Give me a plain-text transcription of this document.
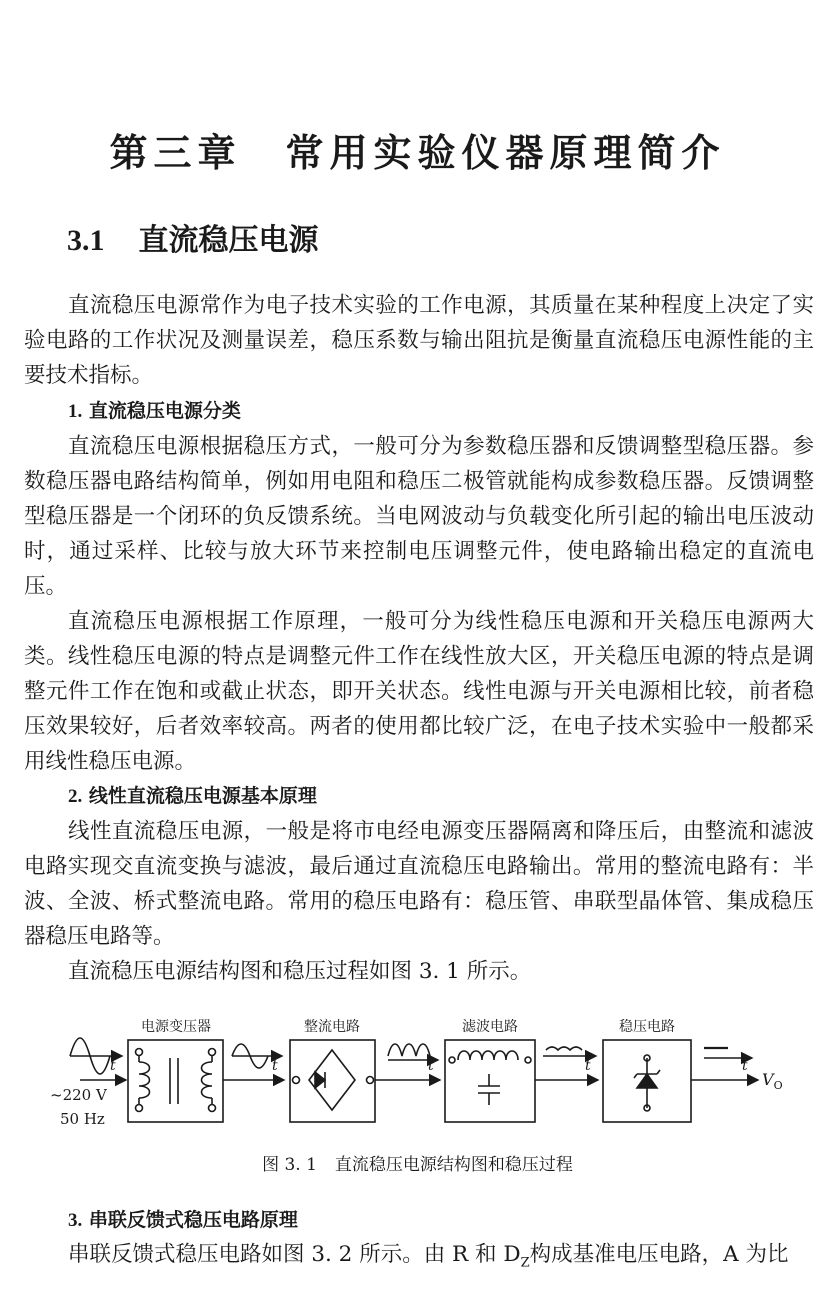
第三章 常用实验仪器原理简介
3.1 直流稳压电源

直流稳压电源常作为电子技术实验的工作电源，其质量在某种程度上决定了实验电路的工作状况及测量误差，稳压系数与输出阻抗是衡量直流稳压电源性能的主要技术指标。

1. 直流稳压电源分类

直流稳压电源根据稳压方式，一般可分为参数稳压器和反馈调整型稳压器。参数稳压器电路结构简单，例如用电阻和稳压二极管就能构成参数稳压器。反馈调整型稳压器是一个闭环的负反馈系统。当电网波动与负载变化所引起的输出电压波动时，通过采样、比较与放大环节来控制电压调整元件，使电路输出稳定的直流电压。

直流稳压电源根据工作原理，一般可分为线性稳压电源和开关稳压电源两大类。线性稳压电源的特点是调整元件工作在线性放大区，开关稳压电源的特点是调整元件工作在饱和或截止状态，即开关状态。线性电源与开关电源相比较，前者稳压效果较好，后者效率较高。两者的使用都比较广泛，在电子技术实验中一般都采用线性稳压电源。

2. 线性直流稳压电源基本原理

线性直流稳压电源，一般是将市电经电源变压器隔离和降压后，由整流和滤波电路实现交直流变换与滤波，最后通过直流稳压电路输出。常用的整流电路有：半波、全波、桥式整流电路。常用的稳压电路有：稳压管、串联型晶体管、集成稳压器稳压电路等。

直流稳压电源结构图和稳压过程如图 3. 1 所示。

电源变压器	整流电路	滤波电路	稳压电路
t	t	t	t	t
~220 V
50 Hz
$V_O$
图 3. 1 直流稳压电源结构图和稳压过程
3. 串联反馈式稳压电路原理

串联反馈式稳压电路如图 3. 2 所示。由 R 和 $D_Z$构成基准电压电路，A 为比
